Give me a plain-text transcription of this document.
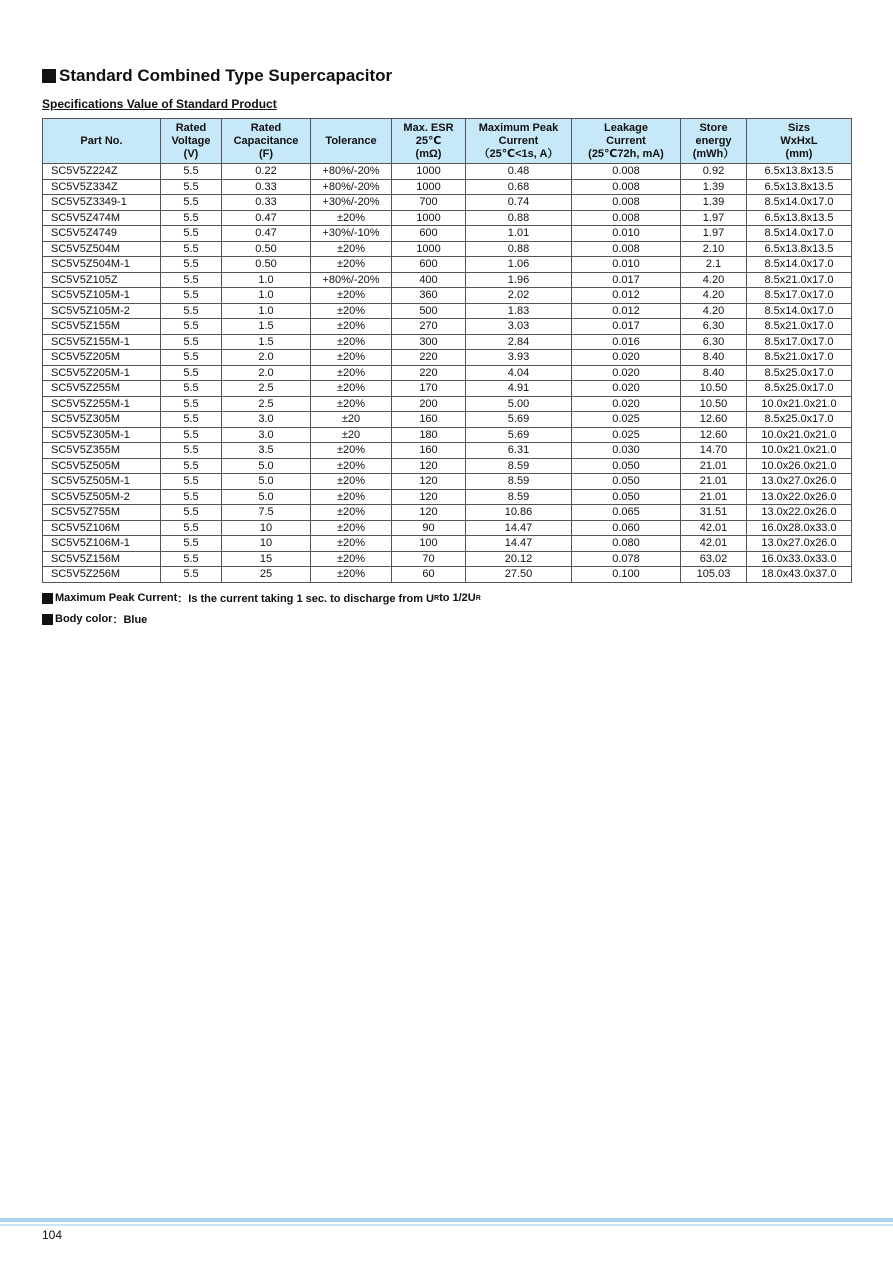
Standard Combined Type Supercapacitor
Specifications Value of Standard Product
Part No.	Rated
Voltage
(V)	Rated
Capacitance
(F)	Tolerance	Max. ESR
25℃
(mΩ)	Maximum Peak
Current
（25℃<1s, A）	Leakage
Current
(25℃72h, mA)	Store
energy
(mWh）	Sizs
WxHxL
(mm)

SC5V5Z224Z	5.5	0.22	+80%/-20%	1000	0.48	0.008	0.92	6.5x13.8x13.5
SC5V5Z334Z	5.5	0.33	+80%/-20%	1000	0.68	0.008	1.39	6.5x13.8x13.5
SC5V5Z3349-1	5.5	0.33	+30%/-20%	700	0.74	0.008	1.39	8.5x14.0x17.0
SC5V5Z474M	5.5	0.47	±20%	1000	0.88	0.008	1.97	6.5x13.8x13.5
SC5V5Z4749	5.5	0.47	+30%/-10%	600	1.01	0.010	1.97	8.5x14.0x17.0
SC5V5Z504M	5.5	0.50	±20%	1000	0.88	0.008	2.10	6.5x13.8x13.5
SC5V5Z504M-1	5.5	0.50	±20%	600	1.06	0.010	2.1	8.5x14.0x17.0
SC5V5Z105Z	5.5	1.0	+80%/-20%	400	1.96	0.017	4.20	8.5x21.0x17.0
SC5V5Z105M-1	5.5	1.0	±20%	360	2.02	0.012	4.20	8.5x17.0x17.0
SC5V5Z105M-2	5.5	1.0	±20%	500	1.83	0.012	4.20	8.5x14.0x17.0
SC5V5Z155M	5.5	1.5	±20%	270	3.03	0.017	6.30	8.5x21.0x17.0
SC5V5Z155M-1	5.5	1.5	±20%	300	2.84	0.016	6.30	8.5x17.0x17.0
SC5V5Z205M	5.5	2.0	±20%	220	3.93	0.020	8.40	8.5x21.0x17.0
SC5V5Z205M-1	5.5	2.0	±20%	220	4.04	0.020	8.40	8.5x25.0x17.0
SC5V5Z255M	5.5	2.5	±20%	170	4.91	0.020	10.50	8.5x25.0x17.0
SC5V5Z255M-1	5.5	2.5	±20%	200	5.00	0.020	10.50	10.0x21.0x21.0
SC5V5Z305M	5.5	3.0	±20	160	5.69	0.025	12.60	8.5x25.0x17.0
SC5V5Z305M-1	5.5	3.0	±20	180	5.69	0.025	12.60	10.0x21.0x21.0
SC5V5Z355M	5.5	3.5	±20%	160	6.31	0.030	14.70	10.0x21.0x21.0
SC5V5Z505M	5.5	5.0	±20%	120	8.59	0.050	21.01	10.0x26.0x21.0
SC5V5Z505M-1	5.5	5.0	±20%	120	8.59	0.050	21.01	13.0x27.0x26.0
SC5V5Z505M-2	5.5	5.0	±20%	120	8.59	0.050	21.01	13.0x22.0x26.0
SC5V5Z755M	5.5	7.5	±20%	120	10.86	0.065	31.51	13.0x22.0x26.0
SC5V5Z106M	5.5	10	±20%	90	14.47	0.060	42.01	16.0x28.0x33.0
SC5V5Z106M-1	5.5	10	±20%	100	14.47	0.080	42.01	13.0x27.0x26.0
SC5V5Z156M	5.5	15	±20%	70	20.12	0.078	63.02	16.0x33.0x33.0
SC5V5Z256M	5.5	25	±20%	60	27.50	0.100	105.03	18.0x43.0x37.0
Maximum Peak Current ：Is the current taking 1 sec. to discharge from U R to 1/2U R
Body color ：Blue
104
